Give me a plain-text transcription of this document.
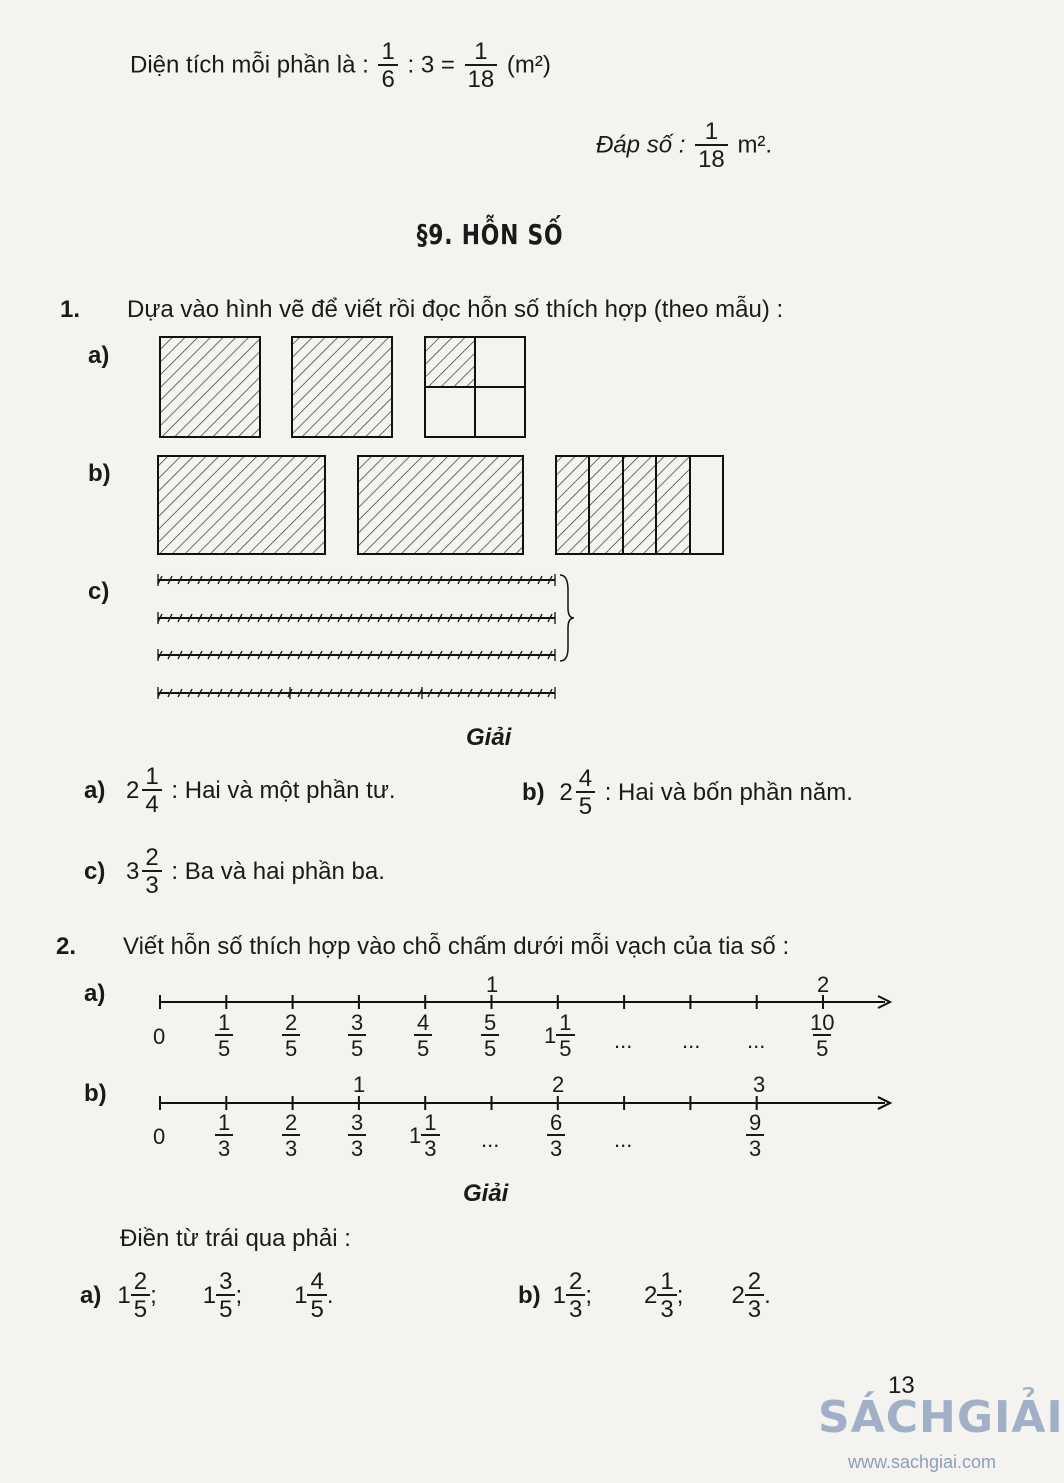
Diện tích mỗi phần là : $\frac{1}{6}$ : $3 = \frac{1}{18} (m^2)$
Đáp số : $\frac{1}{18} m^2$.
§9. HỖN SỐ
1. Dựa vào hình vẽ để viết rồi đọc hỗn số thích hợp (theo mẫu) :
a)
b)
c)
Giải
a) $2 \frac{1}{4}$ : Hai và một phần tư.	b) $2 \frac{4}{5}$ : Hai và bốn phần năm.
c) $3 \frac{2}{3}$ : Ba và hai phần ba.
2. Viết hỗn số thích hợp vào chỗ chấm dưới mỗi vạch của tia số :
a)
b)
1	2
$0 \frac{1}{5} \frac{2}{5} \frac{3}{5} \frac{4}{5} \frac{5}{5} 1 \frac{1}{5}$ ... ... ... $\frac{10}{5}$
1	2	3
$0 \frac{1}{3} \frac{2}{3} \frac{3}{3} 1 \frac{1}{3}$ ... $\frac{6}{3}$ ...	$\frac{9}{3}$
Giải
Điền từ trái qua phải :
a) $1 \frac{2}{5}$ ; $1 \frac{3}{5}$ ; $1 \frac{4}{5}$ .	b) $1 \frac{2}{3}$ ; $2 \frac{1}{3}$ ; $2 \frac{2}{3}$ .
13
SÁCHGIẢI
www.sachgiai.com
